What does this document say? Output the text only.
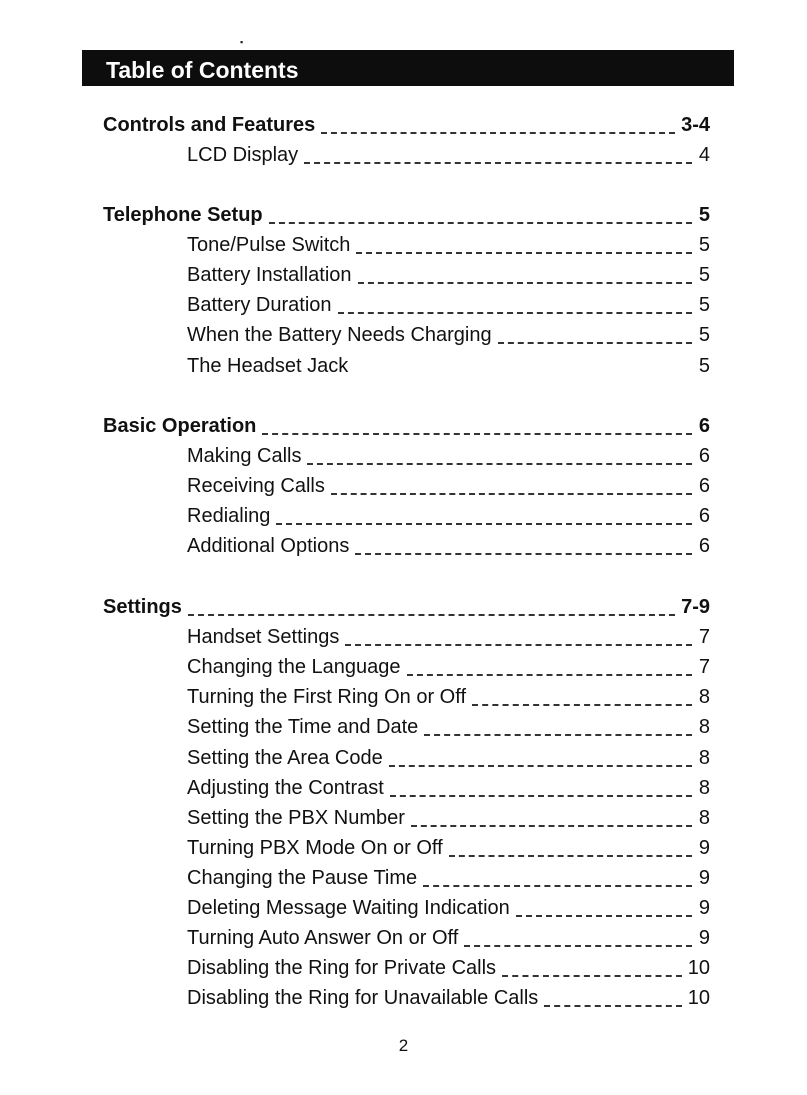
▪
Table of Contents
Controls and Features	3-4
LCD Display	4
Telephone Setup	5
Tone/Pulse Switch	5
Battery Installation	5
Battery Duration	5
When the Battery Needs Charging	5
The Headset Jack	5
Basic Operation	6
Making Calls	6
Receiving Calls	6
Redialing	6
Additional Options	6
Settings	7-9
Handset Settings	7
Changing the Language	7
Turning the First Ring On or Off	8
Setting the Time and Date	8
Setting the Area Code	8
Adjusting the Contrast	8
Setting the PBX Number	8
Turning PBX Mode On or Off	9
Changing the Pause Time	9
Deleting Message Waiting Indication	9
Turning Auto Answer On or Off	9
Disabling the Ring for Private Calls	10
Disabling the Ring for Unavailable Calls	10
2
